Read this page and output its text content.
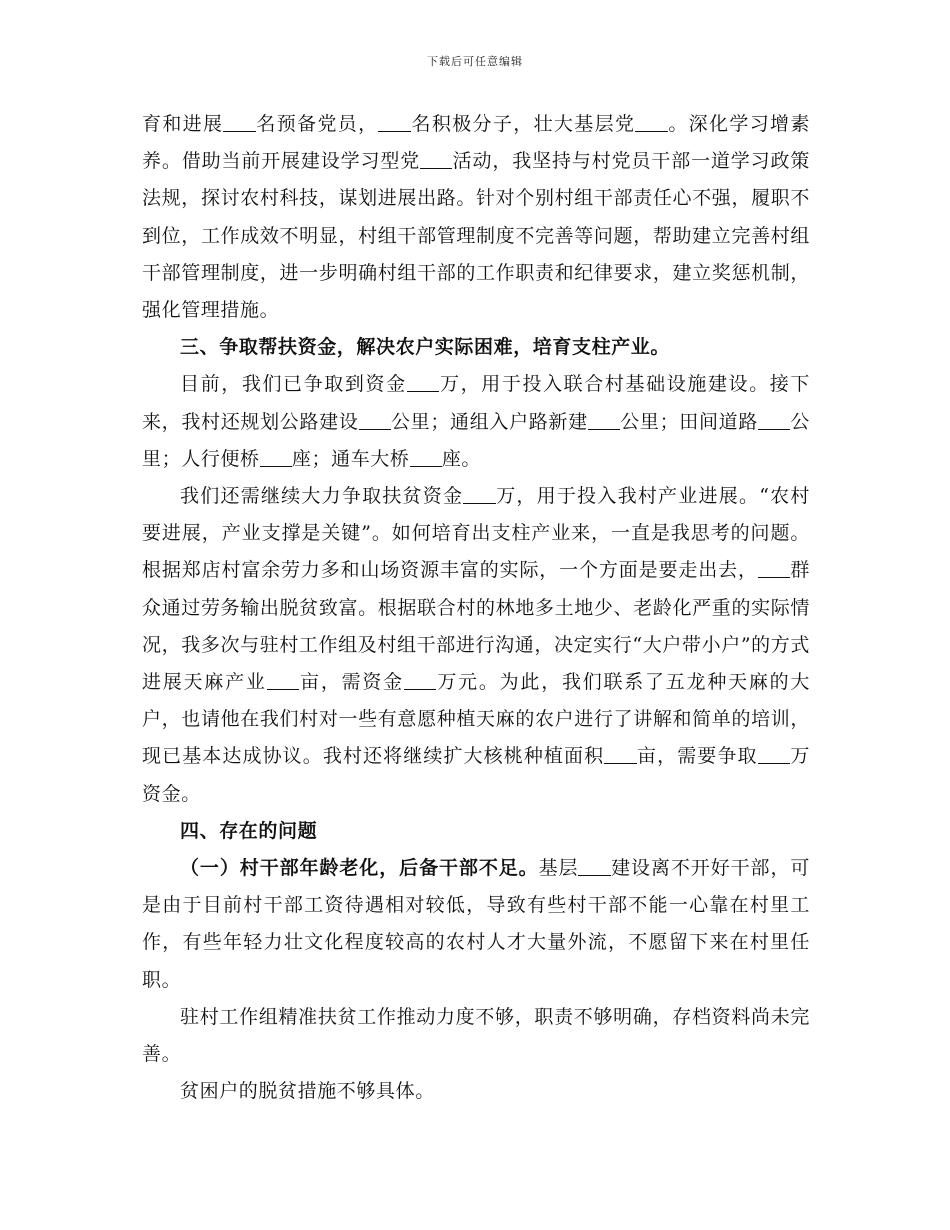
下载后可任意编辑

育和进展 名预备党员， 名积极分子，壮大基层党 。深化学习增素养。借助当前开展建设学习型党 活动，我坚持与村党员干部一道学习政策法规，探讨农村科技，谋划进展出路。针对个别村组干部责任心不强，履职不到位，工作成效不明显，村组干部管理制度不完善等问题，帮助建立完善村组干部管理制度，进一步明确村组干部的工作职责和纪律要求，建立奖惩机制，强化管理措施。

三、争取帮扶资金，解决农户实际困难，培育支柱产业。

目前，我们已争取到资金 万，用于投入联合村基础设施建设。接下来，我村还规划公路建设 公里；通组入户路新建 公里；田间道路 公里；人行便桥 座；通车大桥 座。

我们还需继续大力争取扶贫资金 万，用于投入我村产业进展。“农村要进展，产业支撑是关键”。如何培育出支柱产业来，一直是我思考的问题。根据郑店村富余劳力多和山场资源丰富的实际，一个方面是要走出去， 群众通过劳务输出脱贫致富。根据联合村的林地多土地少、老龄化严重的实际情况，我多次与驻村工作组及村组干部进行沟通，决定实行“大户带小户”的方式进展天麻产业 亩，需资金 万元。为此，我们联系了五龙种天麻的大户，也请他在我们村对一些有意愿种植天麻的农户进行了讲解和简单的培训，现已基本达成协议。我村还将继续扩大核桃种植面积 亩，需要争取 万资金。

四、存在的问题

（一）村干部年龄老化，后备干部不足。基层 建设离不开好干部，可是由于目前村干部工资待遇相对较低，导致有些村干部不能一心靠在村里工作，有些年轻力壮文化程度较高的农村人才大量外流，不愿留下来在村里任职。

驻村工作组精准扶贫工作推动力度不够，职责不够明确，存档资料尚未完善。

贫困户的脱贫措施不够具体。
